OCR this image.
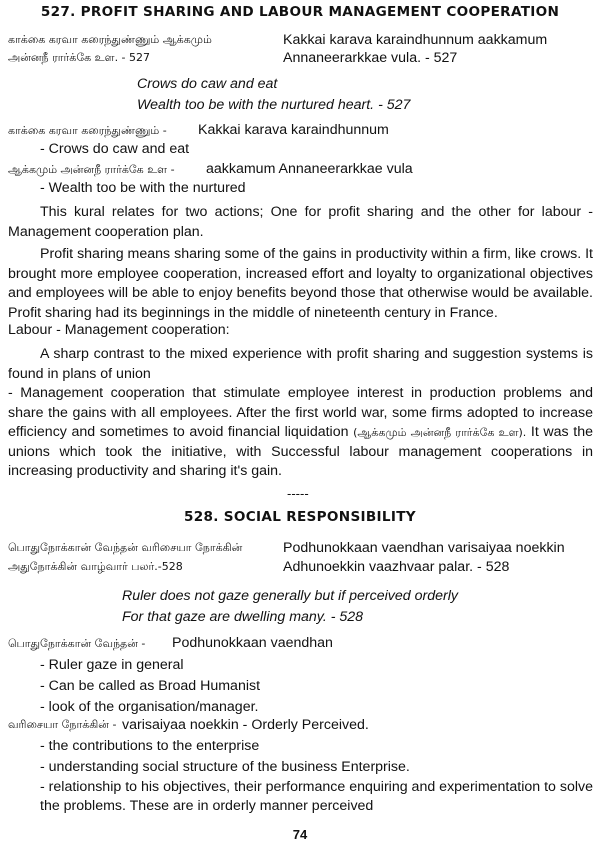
527. PROFIT SHARING AND LABOUR MANAGEMENT COOPERATION
காக்கை கரவா கரைந்துண்ணும் ஆக்கமும்	Kakkai karava karaindhunnum aakkamum
அன்னநீ ரார்க்கே உள. - 527	Annaneerarkkae vula. - 527
Crows do caw and eat
Wealth too be with the nurtured heart. - 527
காக்கை கரவா கரைந்துண்ணும் - Kakkai karava karaindhunnum
- Crows do caw and eat
ஆக்கமும் அன்னநீ ரார்க்கே உள - aakkamum Annaneerarkkae vula
- Wealth too be with the nurtured
This kural relates for two actions; One for profit sharing and the other for labour - Management cooperation plan.
Profit sharing means sharing some of the gains in productivity within a firm, like crows. It brought more employee cooperation, increased effort and loyalty to organizational objectives and employees will be able to enjoy benefits beyond those that otherwise would be available. Profit sharing had its beginnings in the middle of nineteenth century in France.
Labour - Management cooperation:
A sharp contrast to the mixed experience with profit sharing and suggestion systems is found in plans of union
- Management cooperation that stimulate employee interest in production problems and share the gains with all employees. After the first world war, some firms adopted to increase efficiency and sometimes to avoid financial liquidation (ஆக்கமும் அன்னநீ ரார்க்கே உள). It was the unions which took the initiative, with Successful labour management cooperations in increasing productivity and sharing it's gain.
-----
528. SOCIAL RESPONSIBILITY
பொதுநோக்கான் வேந்தன் வரிசையா நோக்கின்	Podhunokkaan vaendhan varisaiyaa noekkin
அதுநோக்கின் வாழ்வார் பலர்.-528	Adhunoekkin vaazhvaar palar. - 528
Ruler does not gaze generally but if perceived orderly
For that gaze are dwelling many. - 528
பொதுநோக்கான் வேந்தன் - Podhunokkaan vaendhan
- Ruler gaze in general
- Can be called as Broad Humanist
- look of the organisation/manager.
வரிசையா நோக்கின் - varisaiyaa noekkin - Orderly Perceived.
- the contributions to the enterprise
- understanding social structure of the business Enterprise.
- relationship to his objectives, their performance enquiring and experimentation to solve the problems. These are in orderly manner perceived
74
